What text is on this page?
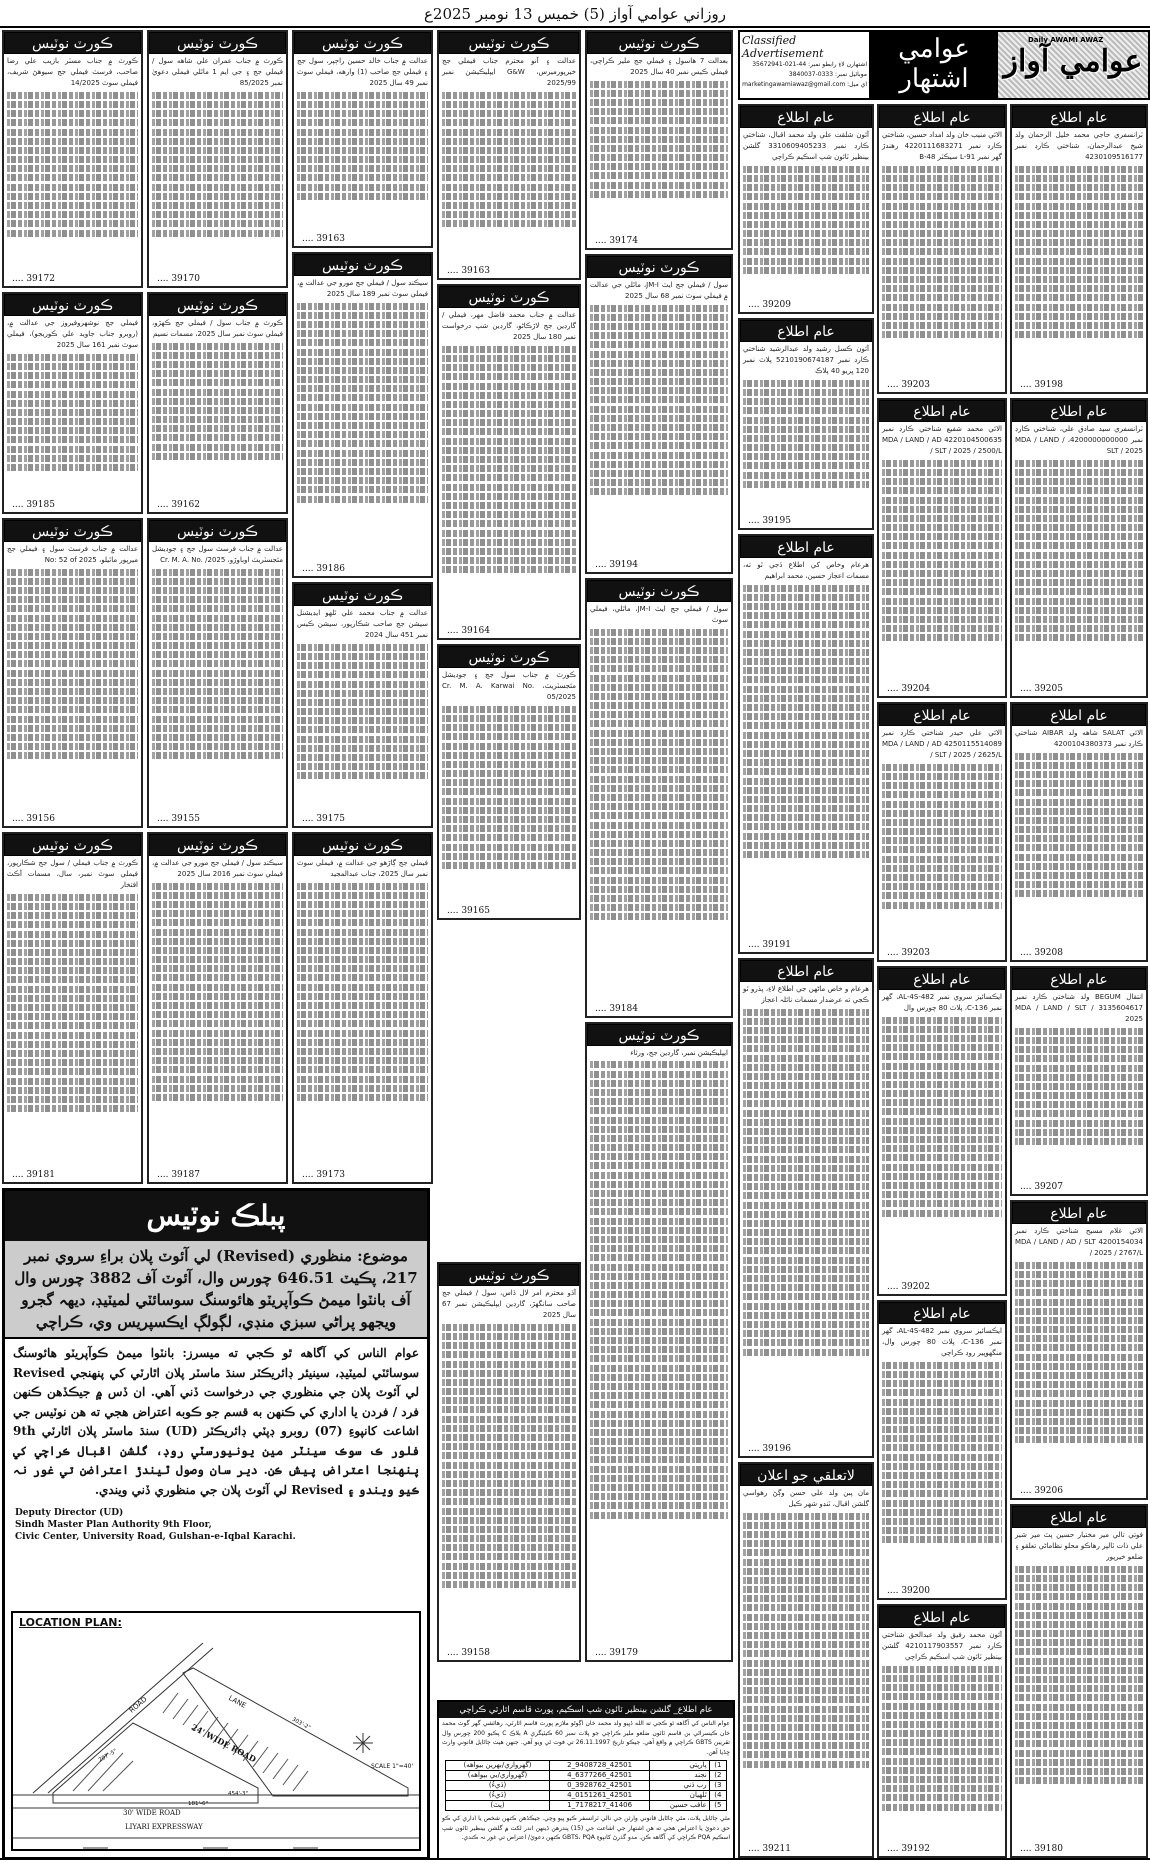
روزاني عوامي آواز (5) خميس 13 نومبر 2025ع
Classified Advertisement
اشتهارن لاءِ رابطو نمبر: 44-021-35672941
موبائيل نمبر: 0333-3840037
marketingawamiawaz@gmail.com :اي ميل
عوامي اشتهار
Daily AWAMI AWAZ
عوامي آواز
پبلڪ نوٽيس
موضوع: منظوري (Revised) لي آئوٽ پلان براءِ سروي نمبر 217، پڪيٽ 646.51 چورس وال، آئوٽ آف 3882 چورس وال آف بانٽوا ميمڻ ڪوآپريٽو هائوسنگ سوسائٽي لميٽيڊ، ديھہ گجرو ويجهو پراڻي سبزي منڊي، لڳولڳ ايڪسپريس وي، ڪراچي
عوام الناس کي آگاهه ٿو ڪجي ته ميسرز: بانٽوا ميمڻ ڪوآپريٽو هائوسنگ سوسائٽي لميٽيڊ، سينيئر ڊائريڪٽر سنڌ ماسٽر پلان اٿارٽي کي پنهنجي Revised لي آئوٽ پلان جي منظوري جي درخواست ڏني آهي. ان ڏس ۾ جيڪڏهن ڪنهن فرد / فردن يا اداري کي ڪنهن به قسم جو ڪوبه اعتراض هجي ته هن نوٽيس جي اشاعت کانپوءِ (07) روبرو ڊپٽي ڊائريڪٽر (UD) سنڌ ماسٽر پلان اٿارٽي 9th فلور ڪ سوڪ سينٽر مين يونيورسٽي روڊ، گلشن اقبال ڪراچي کي پنهنجا اعتراض پيش ڪن. دير سان وصول ٿيندڙ اعتراضن تي غور نہ ڪيو ويندو ۽ Revised لي آئوٽ پلان جي منظوري ڏني ويندي.
Deputy Director (UD)
Sindh Master Plan Authority 9th Floor,
Civic Center, University Road, Gulshan-e-Iqbal Karachi.
LOCATION PLAN:
ROAD	LANE
24' WIDE ROAD
30' WIDE ROAD
LIYARI EXPRESSWAY
SCALE 1"=40'
454'-3"
181'-6"
303'-2"
207'-5"
عام اطلاع_ گلشن بينظير ٽائون شپ اسڪيم، پورٽ قاسم اٿارٽي ڪراچي
عوام الناس کي آگاهه ٿو ڪجي ته الله ڏڀيو ولد محمد خان اڳوڻو ملازم پورٽ قاسم اٿارٽي، رهائشي گهر گوٺ محمد خان ڪيسراڻي بن قاسم ٽائون ضلعو ملير ڪراچي جو پلاٽ نمبر 60 ڪيٽيگري A بلاڪ C پڪيو 200 چورس وال تقريبن GBTS ڪراچي ۾ واقع آهي. جيڪو تاريخ 26.11.1997 تي فوت ٿي ويو آهي. جنهن هيٺ ڄاڻايل قانوني وارث ڇڏيا آهن.
1)	پارپتي	42501_9408728_2	(گهرواري/بھرين بيواهه)
2)	نجند	42501_6377266_4	(گهرواري/بي بيواهه)
3)	رب ڏني	42501_3928762_0	(ڌيءُ)
4)	ٿلهيان	42501_0151261_4	(ڌيءُ)
5)	عاقب حسين	41406_7178217_1	(پٽ)
مٿي ڄاڻايل پلاٽ، مٿي ڄاڻايل قانوني وارثن جي نالي ٽرانسفر ڪيو پيو وڃي. جيڪڏهن ڪنهن شخص يا اداري کي ڪو حق دعويٰ يا اعتراض هجي ته هن اشتهار جي اشاعت جي (15) پندرهن ڏينهن اندر لکت ۾ گلشن بينظير ٽائون شپ اسڪيم PQA ڪراچي کي آگاهه ڪن. مدو گذرڻ کانپوءِ GBTS، PQA ڪنهن دعويٰ/ اعتراض تي غور نہ ڪندي.
ڪورٽ نوٽيس
ڪورٽ ۾ جناب مسٽر بازيب علي رضا صاحب، فرسٽ فيملي جج سيوهڻ شريف، فيملي سوٽ 14/2025
39172 ....
ڪورٽ نوٽيس
فيملي جج نوشهروفيروز جي عدالت ۾، (روبرو جناب جاويد علي ڪوريجو)، فيملي سوٽ نمبر 161 سال 2025
39185 ....
ڪورٽ نوٽيس
عدالت ۾ جناب فرسٽ سول ۽ فيملي جج ميرپور ماٿيلو، No: 52 of 2025
39156 ....
ڪورٽ نوٽيس
ڪورٽ ۾ جناب فيملي / سول جج شڪارپور، فيملي سوٽ نمبر، سال، مسمات آڪٽ افتخار
39181 ....
ڪورٽ نوٽيس
ڪورٽ ۾ جناب عمران علي شاهه سول / فيملي جج ۽ جي ايم 1 ماٿلي فيملي دعويٰ نمبر 85/2025
39170 ....
ڪورٽ نوٽيس
ڪورٽ ۾ جناب سول / فيملي جج ڪهڙو، فيملي سوٽ نمبر سال 2025، مسمات نسيم
39162 ....
ڪورٽ نوٽيس
عدالت ۾ جناب فرسٽ سول جج ۽ جوڊيشل مئجسٽريٽ اوباوڙو، Cr. M. A. No. /2025
39155 ....
ڪورٽ نوٽيس
سيڪنڊ سول / فيملي جج مورو جي عدالت ۾، فيملي سوٽ نمبر 2016 سال 2025
39187 ....
ڪورٽ نوٽيس
عدالت ۾ جناب خالد حسين راڄپر، سول جج ۽ فيملي جج صاحب (1) وارهه، فيملي سوٽ نمبر 49 سال 2025
39163 ....
ڪورٽ نوٽيس
سيڪنڊ سول / فيملي جج مورو جي عدالت ۾، فيملي سوٽ نمبر 189 سال 2025
39186 ....
ڪورٽ نوٽيس
عدالت ۾ جناب محمد علي ٿلهو ايڊيشنل سيشن جج صاحب شڪارپور، سيشن ڪيس نمبر 451 سال 2024
39175 ....
ڪورٽ نوٽيس
فيملي جج ڳاڙهو جي عدالت ۾، فيملي سوٽ نمبر سال 2025، جناب عبدالمجيد
39173 ....
ڪورٽ نوٽيس
عدالت ۽ آنو محترم جناب فيملي جج خيرپورميرس، G&W ايپليڪيشن نمبر 2025/99
39163 ....
ڪورٽ نوٽيس
عدالت ۾ جناب محمد فاضل مهر، فيملي / گارڊين جج لاڙڪاڻو، گارڊين شپ درخواست نمبر 180 سال 2025
39164 ....
ڪورٽ نوٽيس
ڪورٽ ۾ جناب سول جج ۽ جوڊيشل مئجسٽريٽ، Cr. M. A. Karwai No. 05/2025
39165 ....
ڪورٽ نوٽيس
آڏو محترم امر لال ڏاس، سول / فيملي جج صاحب سانگهڙ، گارڊين ايپليڪيشن نمبر 67 سال 2025
39158 ....
ڪورٽ نوٽيس
بعدالت 7 هاسول ۽ فيملي جج ملير ڪراچي، فيملي ڪيس نمبر 40 سال 2025
39174 ....
ڪورٽ نوٽيس
سول / فيملي جج ايٽ JM-I، ماٿلي جي عدالت ۾ فيملي سوٽ نمبر 68 سال 2025
39194 ....
ڪورٽ نوٽيس
سول / فيملي جج ايٽ JM-I، ماٿلي، فيملي سوٽ
39184 ....
ڪورٽ نوٽيس
ايپليڪيشن نمبر، گارڊين جج، ورثاء
39179 ....
عام اطلاع
ٽرانسفري حاجي محمد خليل الرحمان ولد شيخ عبدالرحمان، شناختي ڪارڊ نمبر 4230109516177
39198 ....
عام اطلاع
ٽرانسفري سيد صادق علي، شناختي ڪارڊ نمبر 4200000000000، MDA / LAND / SLT / 2025
39205 ....
عام اطلاع
الائي SALAT شاهه ولد AIBAR شناختي ڪارڊ نمبر 4200104380373
39208 ....
عام اطلاع
انتقال BEGUM ولد شناختي ڪارڊ نمبر 3135604617 MDA / LAND / SLT / 2025
39207 ....
عام اطلاع
الائي غلام مسيح شناختي ڪارڊ نمبر 4200154034 MDA / LAND / AD / SLT / 2025 / 2767/L
39206 ....
عام اطلاع
فوتي تالي مير مختيار حسين پٽ مير شير علي ذات ٽالپر رهاڪو محلو نظاماڻي تعلقو ۽ ضلعو خيرپور
39180 ....
عام اطلاع
الائي منيب خان ولد امداد حسين، شناختي ڪارڊ نمبر 4220111683271 رهندڙ گهر نمبر L-91 سيڪٽر 48-B
39203 ....
عام اطلاع
الائي محمد شفيع شناختي ڪارڊ نمبر 4220104500635 MDA / LAND / AD / SLT / 2025 / 2500/L
39204 ....
عام اطلاع
الائي علي حيدر شناختي ڪارڊ نمبر 4250115514089 MDA / LAND / AD / SLT / 2025 / 2625/L
39203 ....
عام اطلاع
ايڪسائيز سروي نمبر AL-4S-482، گهر نمبر 136-C، پلاٽ 80 چورس وال
39202 ....
عام اطلاع
ايڪسائيز سروي نمبر AL-4S-482، گهر نمبر 136-C، پلاٽ 80 چورس وال، منگهوپير روڊ ڪراچي
39200 ....
عام اطلاع
آئون محمد رفيق ولد عبدالحق شناختي ڪارڊ نمبر 4210117903557 گلشن بينظير ٽائون شپ اسڪيم ڪراچي
39192 ....
عام اطلاع
آئون شلقت علي ولد محمد اقبال، شناختي ڪارڊ نمبر 3310609405233 گلشن بينظير ٽائون شپ اسڪيم ڪراچي
39209 ....
عام اطلاع
آئون ڪسل رشيد ولد عبدالرشيد شناختي ڪارڊ نمبر 5210190674187 پلاٽ نمبر 120 ڀريو 40 پلاڪ
39195 ....
عام اطلاع
هرعام وخاص کي اطلاع ڏجي ٿو ته، مسمات اعجاز حسين، محمد ابراهيم
39191 ....
عام اطلاع
هرعام و خاص ماڻهن جي اطلاع لاءِ، پڌرو ٿو ڪجي ته عرضدار مسمات نائلہ اعجاز
39196 ....
لاتعلقي جو اعلان
مان پبن ولد علي حسن وڳڻ رهواسي گلشن اقبال، ٽنڊو شهر ڪيل
39211 ....
